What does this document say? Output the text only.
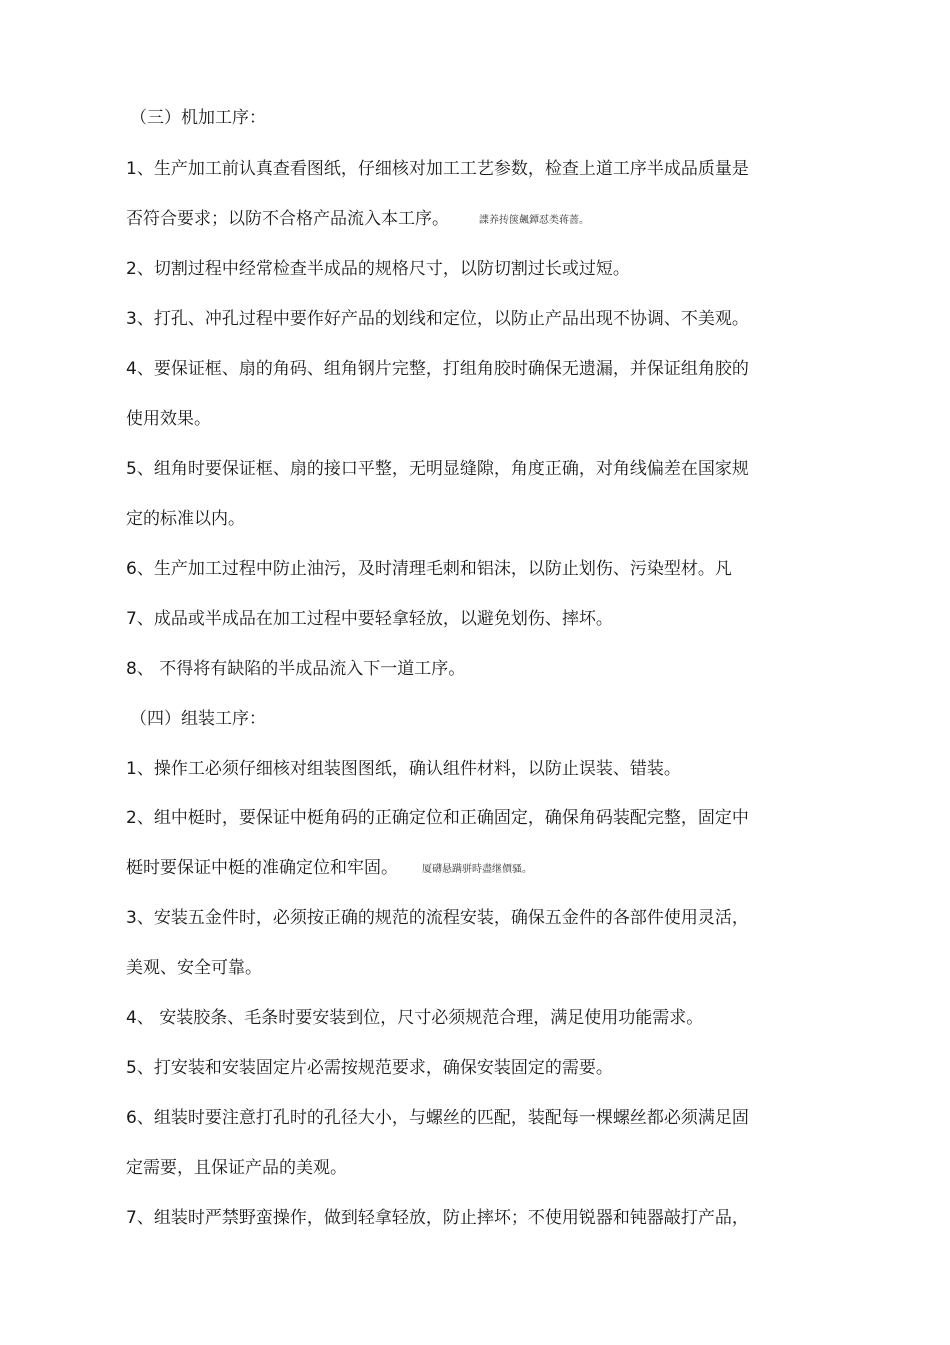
（三）机加工序：
1、生产加工前认真查看图纸，仔细核对加工工艺参数，检查上道工序半成品质量是
否符合要求；以防不合格产品流入本工序。	諜养抟箧飆鐔怼类蒋蔷。
2、切割过程中经常检查半成品的规格尺寸，以防切割过长或过短。
3、打孔、冲孔过程中要作好产品的划线和定位，以防止产品出现不协调、不美观。
4、要保证框、扇的角码、组角钢片完整，打组角胶时确保无遗漏，并保证组角胶的
使用效果。
5、组角时要保证框、扇的接口平整，无明显缝隙，角度正确，对角线偏差在国家规
定的标准以内。
6、生产加工过程中防止油污，及时清理毛刺和铝沫，以防止划伤、污染型材。凡
7、成品或半成品在加工过程中要轻拿轻放，以避免划伤、摔坏。
8、 不得将有缺陷的半成品流入下一道工序。
（四）组装工序：
1、操作工必须仔细核对组装图图纸，确认组件材料，以防止误装、错装。
2、组中梃时，要保证中梃角码的正确定位和正确固定，确保角码装配完整，固定中
梃时要保证中梃的准确定位和牢固。 厦礴悬蹒骈時盡继價骚。
3、安装五金件时，必须按正确的规范的流程安装，确保五金件的各部件使用灵活，
美观、安全可靠。
4、 安装胶条、毛条时要安装到位，尺寸必须规范合理，满足使用功能需求。
5、打安装和安装固定片必需按规范要求，确保安装固定的需要。
6、组装时要注意打孔时的孔径大小，与螺丝的匹配，装配每一棵螺丝都必须满足固
定需要，且保证产品的美观。
7、组装时严禁野蛮操作，做到轻拿轻放，防止摔坏；不使用锐器和钝器敲打产品，
